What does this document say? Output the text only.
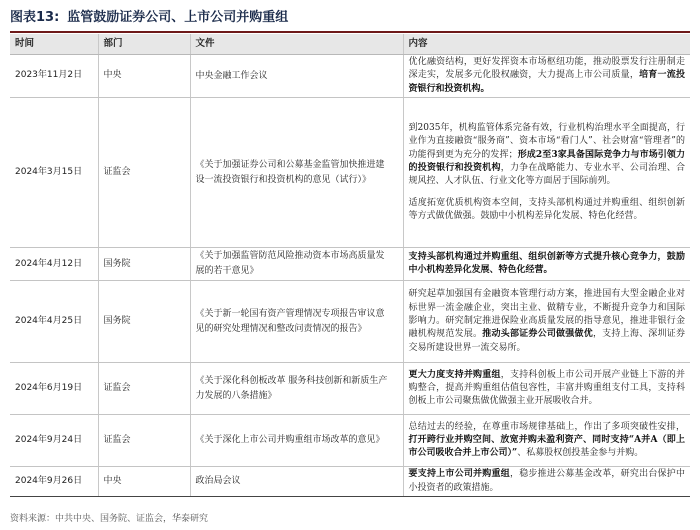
图表13: 监管鼓励证券公司、上市公司并购重组
时间	部门	文件	内容
2023年11月2日	中央	中央金融工作会议	优化融资结构，更好发挥资本市场枢纽功能，推动股票发行注册制走深走实，发展多元化股权融资，大力提高上市公司质量，培育一流投资银行和投资机构。

2024年3月15日	证监会	《关于加强证券公司和公募基金监管加快推进建设一流投资银行和投资机构的意见（试行）》	到2035年，机构监管体系完备有效，行业机构治理水平全面提高，行业作为直接融资“服务商”、资本市场“看门人”、社会财富“管理者”的功能得到更为充分的发挥；形成2至3家具备国际竞争力与市场引领力的投资银行和投资机构，力争在战略能力、专业水平、公司治理、合规风控、人才队伍、行业文化等方面居于国际前列。

适度拓宽优质机构资本空间，支持头部机构通过并购重组、组织创新等方式做优做强。鼓励中小机构差异化发展、特色化经营。

2024年4月12日	国务院	《关于加强监管防范风险推动资本市场高质量发展的若干意见》	支持头部机构通过并购重组、组织创新等方式提升核心竞争力，鼓励中小机构差异化发展、特色化经营。

2024年4月25日	国务院	《关于新一轮国有资产管理情况专项报告审议意见的研究处理情况和整改问责情况的报告》	研究起草加强国有金融资本管理行动方案，推进国有大型金融企业对标世界一流金融企业，突出主业、做精专业，不断提升竞争力和国际影响力。研究制定推进保险业高质量发展的指导意见，推进非银行金融机构规范发展。推动头部证券公司做强做优，支持上海、深圳证券交易所建设世界一流交易所。

2024年6月19日	证监会	《关于深化科创板改革 服务科技创新和新质生产力发展的八条措施》	更大力度支持并购重组，支持科创板上市公司开展产业链上下游的并购整合，提高并购重组估值包容性，丰富并购重组支付工具，支持科创板上市公司聚焦做优做强主业开展吸收合并。

2024年9月24日	证监会	《关于深化上市公司并购重组市场改革的意见》	总结过去的经验，在尊重市场规律基础上，作出了多项突破性安排，打开跨行业并购空间、放宽并购未盈利资产、同时支持“A并A（即上市公司吸收合并上市公司）”、私募股权创投基金参与并购。

2024年9月26日	中央	政治局会议	要支持上市公司并购重组，稳步推进公募基金改革，研究出台保护中小投资者的政策措施。

资料来源：中共中央、国务院、证监会，华泰研究
